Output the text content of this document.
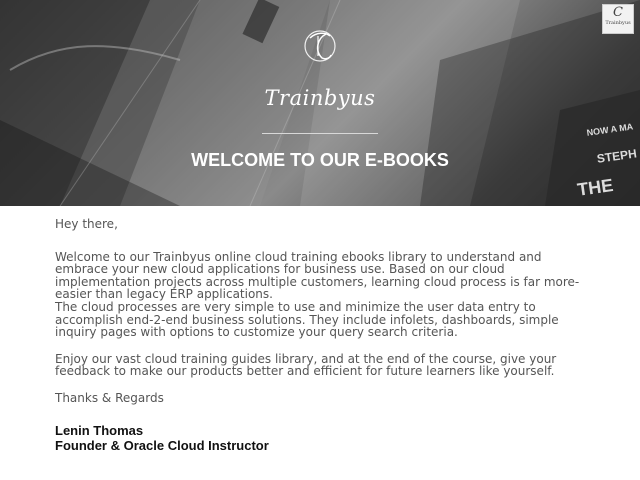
NOW A MA
STEPH
THE
C
Trainbyus
Trainbyus
WELCOME TO OUR E-BOOKS

Hey there,

Welcome to our Trainbyus online cloud training ebooks library to understand and embrace your new cloud applications for business use. Based on our cloud implementation projects across multiple customers, learning cloud process is far more-easier than legacy ERP applications.

The cloud processes are very simple to use and minimize the user data entry to accomplish end-2-end business solutions. They include infolets, dashboards, simple inquiry pages with options to customize your query search criteria.

Enjoy our vast cloud training guides library, and at the end of the course, give your feedback to make our products better and efficient for future learners like yourself.

Thanks & Regards

Lenin Thomas
Founder & Oracle Cloud Instructor
